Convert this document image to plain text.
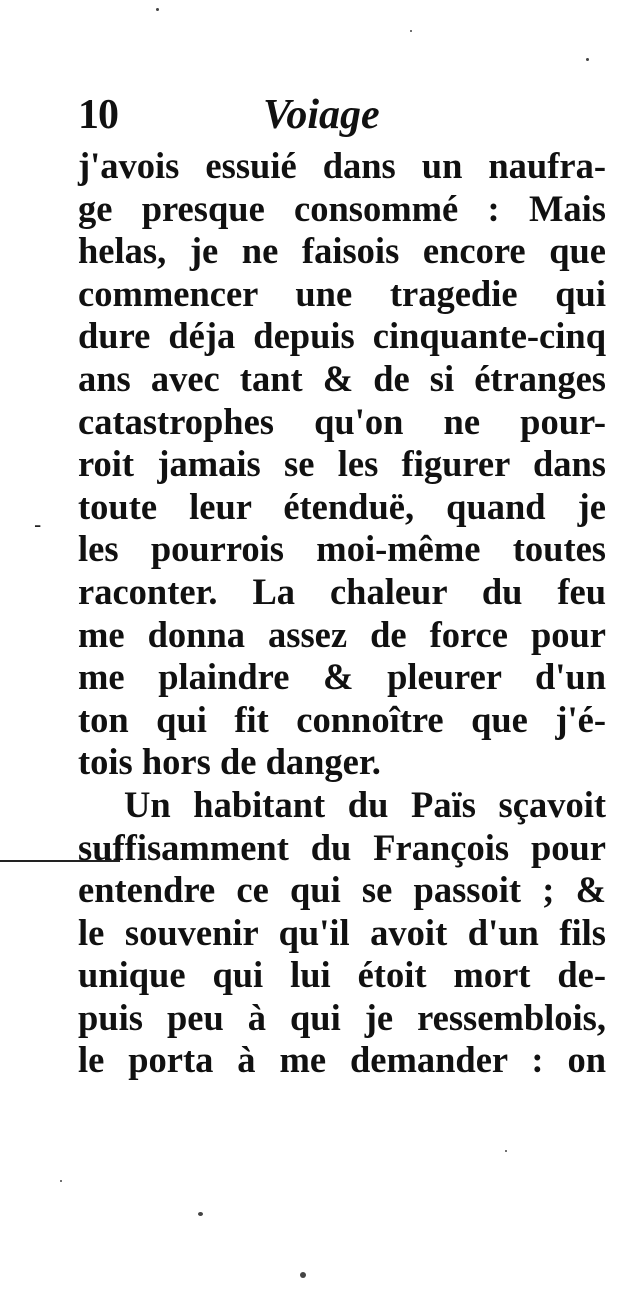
10	Voiage
-
j'avois essuié dans un naufra-
ge presque consommé : Mais
helas, je ne faisois encore que
commencer une tragedie qui
dure déja depuis cinquante-cinq
ans avec tant & de si étranges
catastrophes qu'on ne pour-
roit jamais se les figurer dans
toute leur étenduë, quand je
les pourrois moi-même toutes
raconter. La chaleur du feu
me donna assez de force pour
me plaindre & pleurer d'un
ton qui fit connoître que j'é-
tois hors de danger.
Un habitant du Païs sçavoit
suffisamment du François pour
entendre ce qui se passoit ; &
le souvenir qu'il avoit d'un fils
unique qui lui étoit mort de-
puis peu à qui je ressemblois,
le porta à me demander : on
